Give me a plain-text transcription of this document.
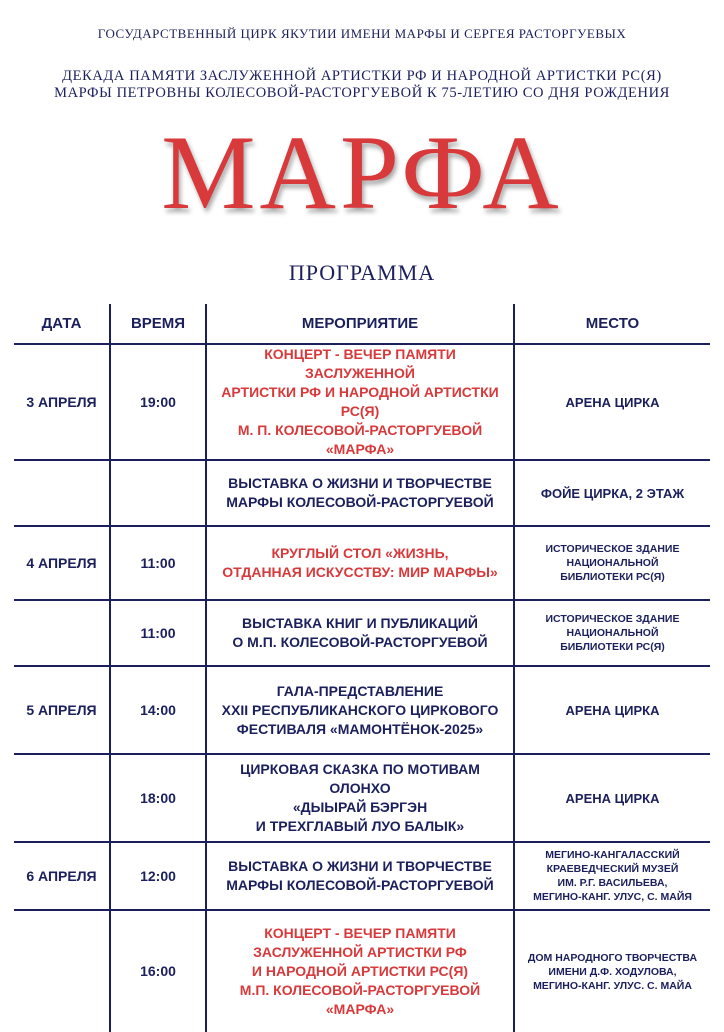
ГОСУДАРСТВЕННЫЙ ЦИРК ЯКУТИИ ИМЕНИ МАРФЫ И СЕРГЕЯ РАСТОРГУЕВЫХ
ДЕКАДА ПАМЯТИ ЗАСЛУЖЕННОЙ АРТИСТКИ РФ И НАРОДНОЙ АРТИСТКИ РС(Я)
МАРФЫ ПЕТРОВНЫ КОЛЕСОВОЙ-РАСТОРГУЕВОЙ К 75-ЛЕТИЮ СО ДНЯ РОЖДЕНИЯ
МАРФА
ПРОГРАММА
ДАТА	ВРЕМЯ	МЕРОПРИЯТИЕ	МЕСТО
3 АПРЕЛЯ	19:00	КОНЦЕРТ - ВЕЧЕР ПАМЯТИ ЗАСЛУЖЕННОЙ
АРТИСТКИ РФ И НАРОДНОЙ АРТИСТКИ РС(Я)
М. П. КОЛЕСОВОЙ-РАСТОРГУЕВОЙ «МАРФА»	АРЕНА ЦИРКА

		ВЫСТАВКА О ЖИЗНИ И ТВОРЧЕСТВЕ
МАРФЫ КОЛЕСОВОЙ-РАСТОРГУЕВОЙ	ФОЙЕ ЦИРКА, 2 ЭТАЖ

4 АПРЕЛЯ	11:00	КРУГЛЫЙ СТОЛ «ЖИЗНЬ,
ОТДАННАЯ ИСКУССТВУ: МИР МАРФЫ»	ИСТОРИЧЕСКОЕ ЗДАНИЕ
НАЦИОНАЛЬНОЙ
БИБЛИОТЕКИ РС(Я)

	11:00	ВЫСТАВКА КНИГ И ПУБЛИКАЦИЙ
О М.П. КОЛЕСОВОЙ-РАСТОРГУЕВОЙ	ИСТОРИЧЕСКОЕ ЗДАНИЕ
НАЦИОНАЛЬНОЙ
БИБЛИОТЕКИ РС(Я)

5 АПРЕЛЯ	14:00	ГАЛА-ПРЕДСТАВЛЕНИЕ
XXII РЕСПУБЛИКАНСКОГО ЦИРКОВОГО
ФЕСТИВАЛЯ «МАМОНТЁНОК-2025»	АРЕНА ЦИРКА

	18:00	ЦИРКОВАЯ СКАЗКА ПО МОТИВАМ ОЛОНХО
«ДЫЫРАЙ БЭРГЭН
И ТРЕХГЛАВЫЙ ЛУО БАЛЫК»	АРЕНА ЦИРКА

6 АПРЕЛЯ	12:00	ВЫСТАВКА О ЖИЗНИ И ТВОРЧЕСТВЕ
МАРФЫ КОЛЕСОВОЙ-РАСТОРГУЕВОЙ	МЕГИНО-КАНГАЛАССКИЙ
КРАЕВЕДЧЕСКИЙ МУЗЕЙ
ИМ. Р.Г. ВАСИЛЬЕВА,
МЕГИНО-КАНГ. УЛУС, С. МАЙЯ

	16:00	КОНЦЕРТ - ВЕЧЕР ПАМЯТИ
ЗАСЛУЖЕННОЙ АРТИСТКИ РФ
И НАРОДНОЙ АРТИСТКИ РС(Я)
М.П. КОЛЕСОВОЙ-РАСТОРГУЕВОЙ «МАРФА»	ДОМ НАРОДНОГО ТВОРЧЕСТВА
ИМЕНИ Д.Ф. ХОДУЛОВА,
МЕГИНО-КАНГ. УЛУС. С. МАЙА
